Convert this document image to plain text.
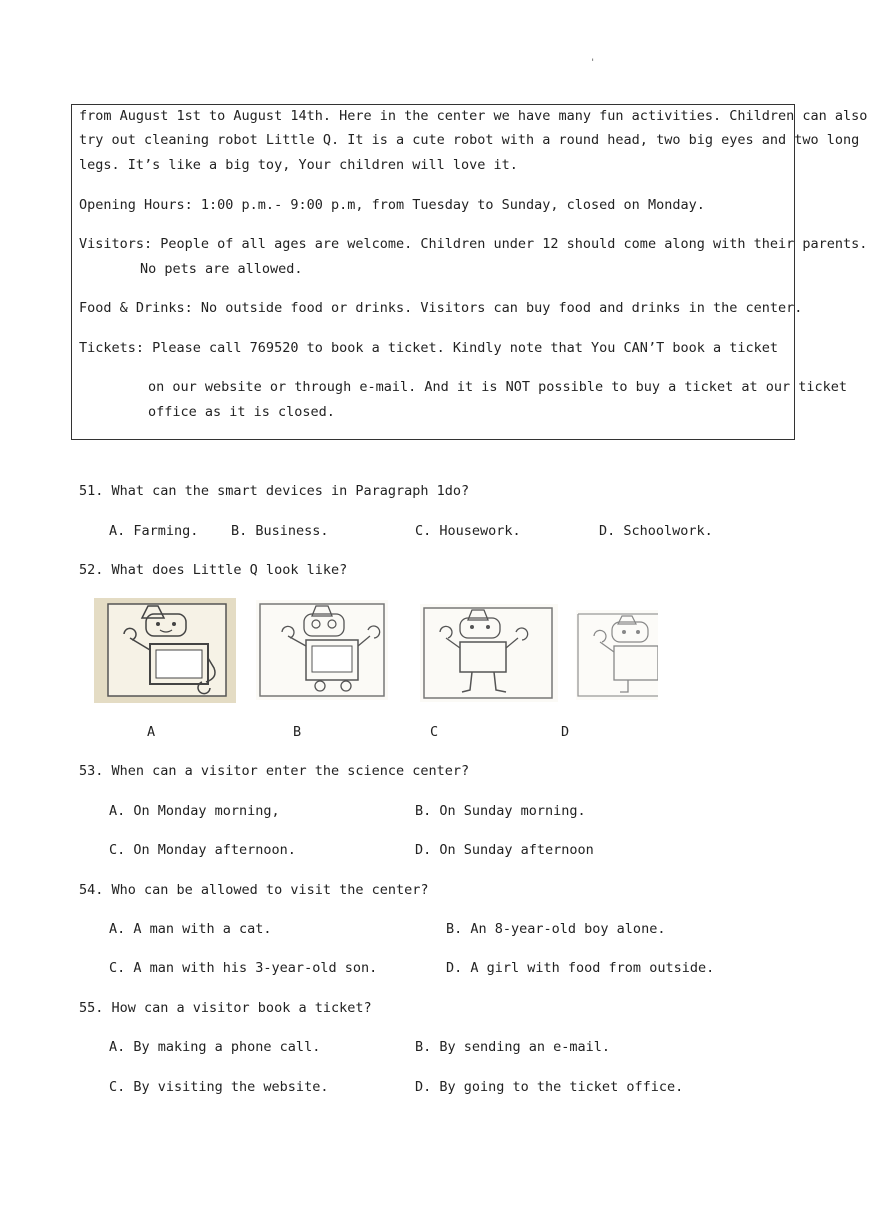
'
from August 1st to August 14th. Here in the center we have many fun activities. Children can also
try out cleaning robot Little Q. It is a cute robot with a round head, two big eyes and two long
legs. It’s like a big toy, Your children will love it.
Opening Hours: 1:00 p.m.- 9:00 p.m, from Tuesday to Sunday, closed on Monday.
Visitors: People of all ages are welcome. Children under 12 should come along with their parents.
No pets are allowed.
Food & Drinks: No outside food or drinks. Visitors can buy food and drinks in the center.
Tickets: Please call 769520 to book a ticket. Kindly note that You CAN’T book a ticket
on our website or through e-mail. And it is NOT possible to buy a ticket at our ticket
office as it is closed.
51. What can the smart devices in Paragraph 1do?
A. Farming. B. Business.	C. Housework.	D. Schoolwork.
52. What does Little Q look like?
A	B	C	D
53. When can a visitor enter the science center?
A. On Monday morning,	B. On Sunday morning.
C. On Monday afternoon.	D. On Sunday afternoon
54. Who can be allowed to visit the center?
A. A man with a cat.	B. An 8-year-old boy alone.
C. A man with his 3-year-old son.	D. A girl with food from outside.
55. How can a visitor book a ticket?
A. By making a phone call.	B. By sending an e-mail.
C. By visiting the website.	D. By going to the ticket office.
